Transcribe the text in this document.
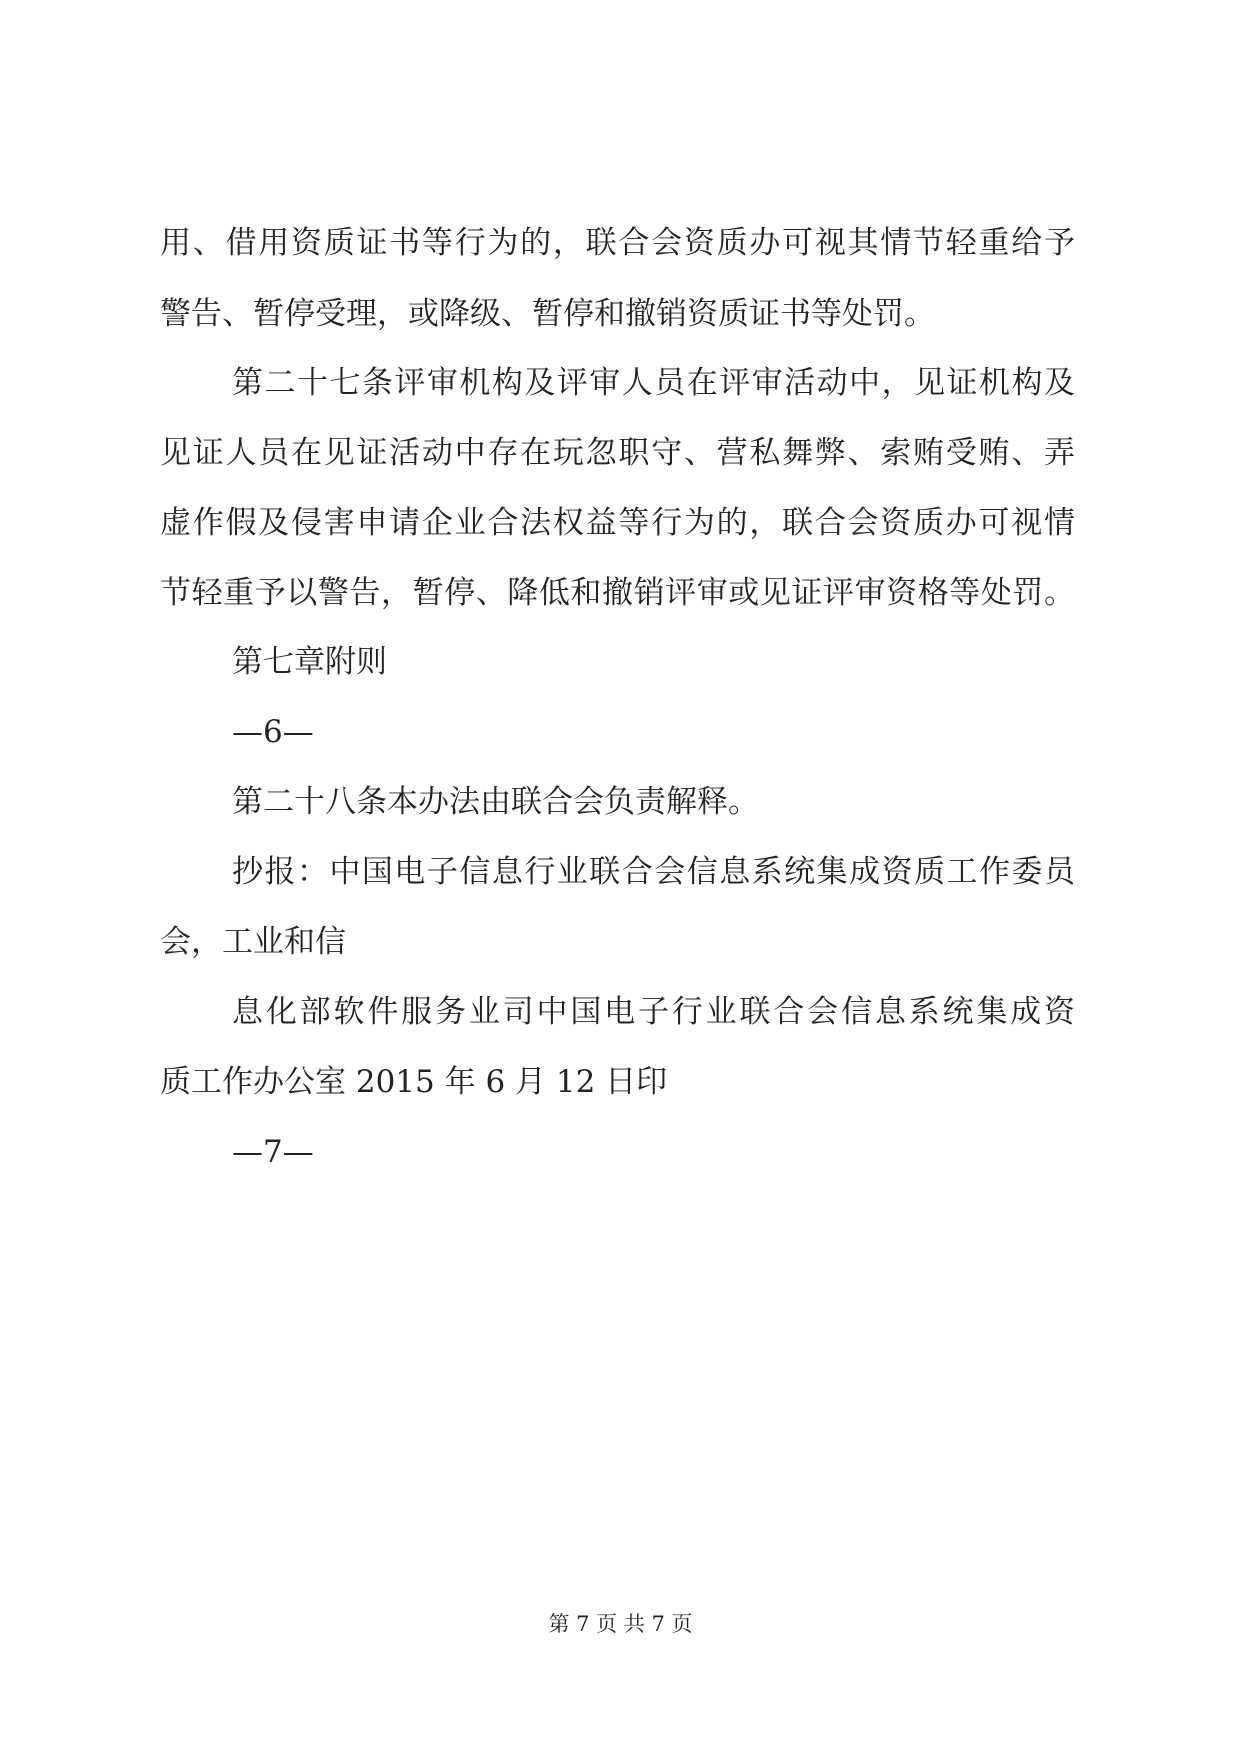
用、借用资质证书等行为的，联合会资质办可视其情节轻重给予
警告、暂停受理，或降级、暂停和撤销资质证书等处罚。
第二十七条评审机构及评审人员在评审活动中，见证机构及
见证人员在见证活动中存在玩忽职守、营私舞弊、索贿受贿、弄
虚作假及侵害申请企业合法权益等行为的，联合会资质办可视情
节轻重予以警告，暂停、降低和撤销评审或见证评审资格等处罚。
第七章附则
—6—
第二十八条本办法由联合会负责解释。
抄报：中国电子信息行业联合会信息系统集成资质工作委员
会，工业和信
息化部软件服务业司中国电子行业联合会信息系统集成资
质工作办公室 2015 年 6 月 12 日印
—7—
第 7 页 共 7 页
